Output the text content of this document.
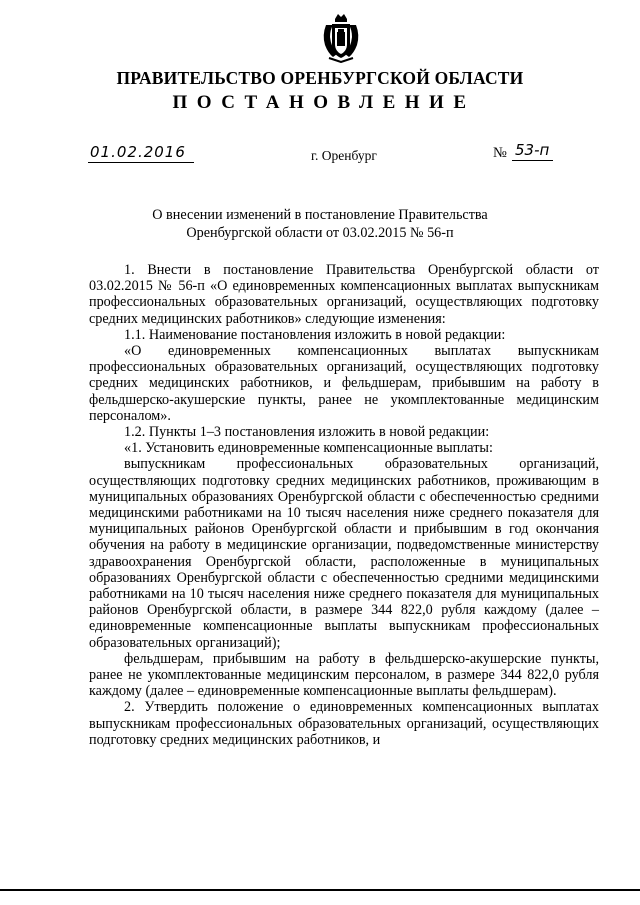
ПРАВИТЕЛЬСТВО ОРЕНБУРГСКОЙ ОБЛАСТИ

ПОСТАНОВЛЕНИЕ

01.02.2016	г. Оренбург	№ 53-п

О внесении изменений в постановление Правительства
Оренбургской области от 03.02.2015 № 56-п

1. Внести в постановление Правительства Оренбургской области от 03.02.2015 № 56-п «О единовременных компенсационных выплатах выпускникам профессиональных образовательных организаций, осуществляющих подготовку средних медицинских работников» следующие изменения:

1.1. Наименование постановления изложить в новой редакции:

«О единовременных компенсационных выплатах выпускникам профессиональных образовательных организаций, осуществляющих подготовку средних медицинских работников, и фельдшерам, прибывшим на работу в фельдшерско-акушерские пункты, ранее не укомплектованные медицинским персоналом».

1.2. Пункты 1–3 постановления изложить в новой редакции:

«1. Установить единовременные компенсационные выплаты:

выпускникам профессиональных образовательных организаций, осуществляющих подготовку средних медицинских работников, проживающим в муниципальных образованиях Оренбургской области с обеспеченностью средними медицинскими работниками на 10 тысяч населения ниже среднего показателя для муниципальных районов Оренбургской области и прибывшим в год окончания обучения на работу в медицинские организации, подведомственные министерству здравоохранения Оренбургской области, расположенные в муниципальных образованиях Оренбургской области с обеспеченностью средними медицинскими работниками на 10 тысяч населения ниже среднего показателя для муниципальных районов Оренбургской области, в размере 344 822,0 рубля каждому (далее – единовременные компенсационные выплаты выпускникам профессиональных образовательных организаций);

фельдшерам, прибывшим на работу в фельдшерско-акушерские пункты, ранее не укомплектованные медицинским персоналом, в размере 344 822,0 рубля каждому (далее – единовременные компенсационные выплаты фельдшерам).

2. Утвердить положение о единовременных компенсационных выплатах выпускникам профессиональных образовательных организаций, осуществляющих подготовку средних медицинских работников, и
